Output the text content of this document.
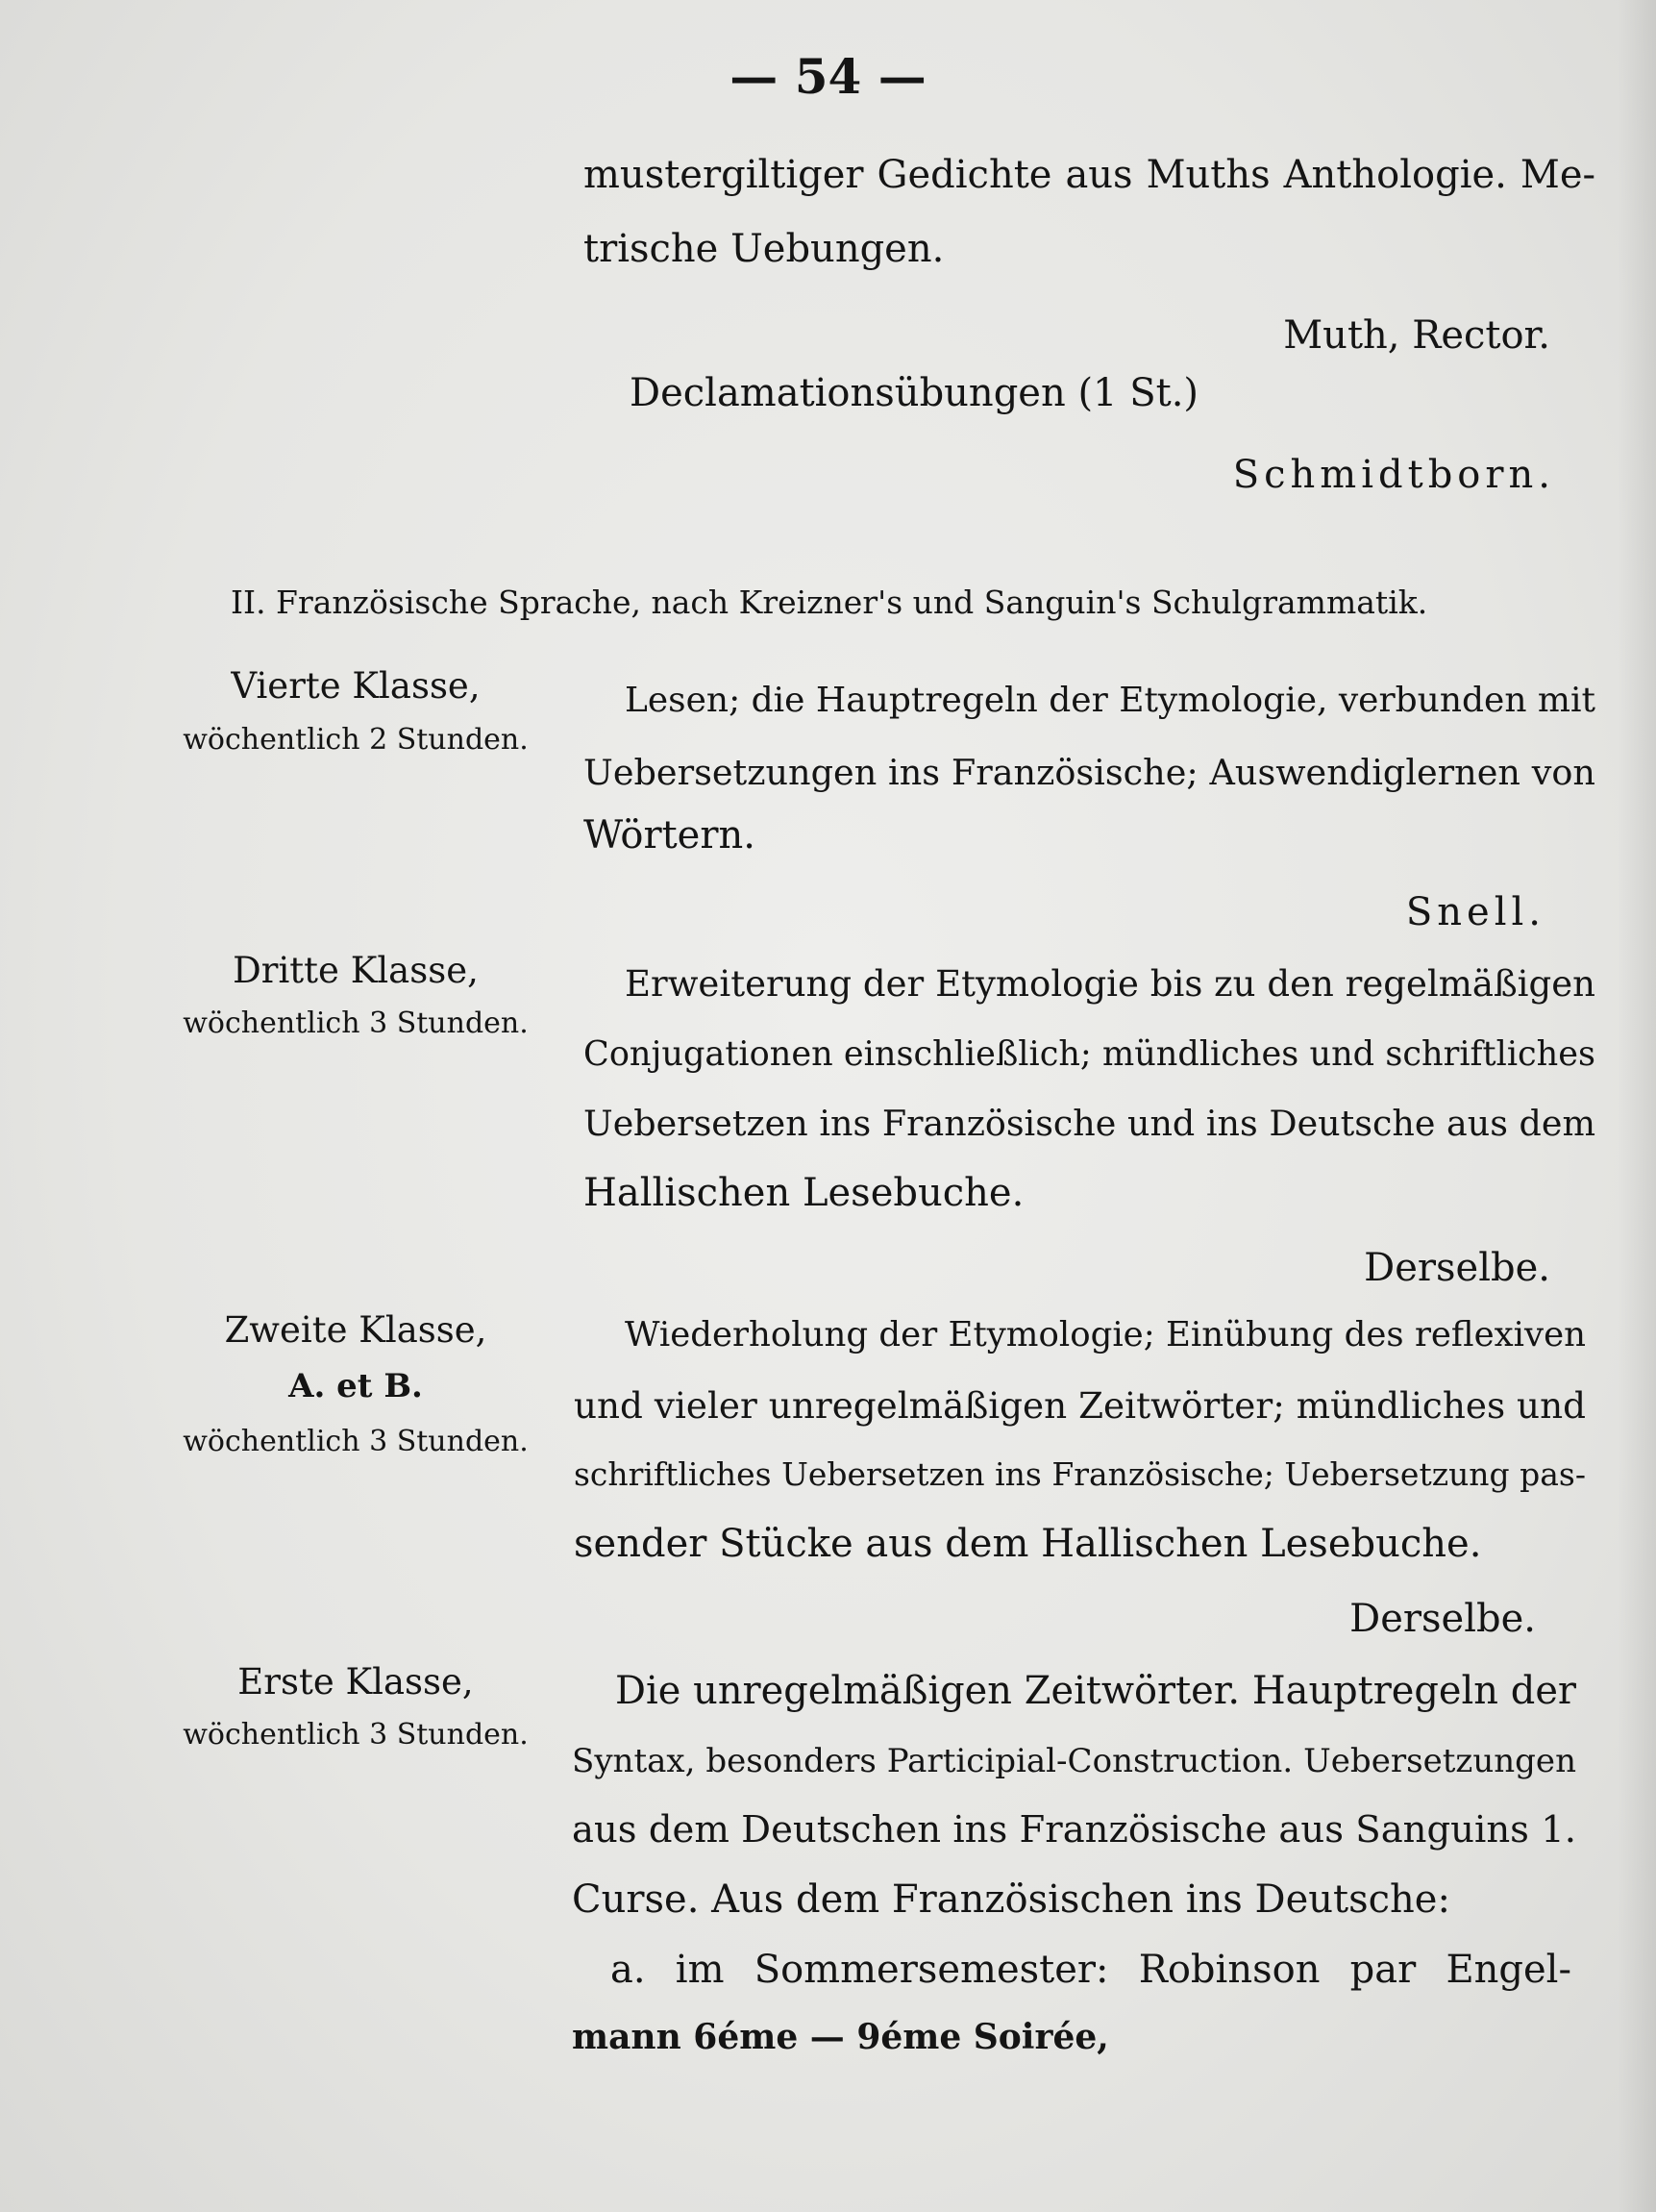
— 54 —
mustergiltiger Gedichte aus Muths Anthologie. Me-
trische Uebungen.
Muth, Rector.
Declamationsübungen (1 St.)
Schmidtborn.
II. Französische Sprache, nach Kreizner's und Sanguin's Schulgrammatik.
Vierte Klasse,
wöchentlich 2 Stunden.
Lesen; die Hauptregeln der Etymologie, verbunden mit
Uebersetzungen ins Französische; Auswendiglernen von
Wörtern.
Snell.
Dritte Klasse,
wöchentlich 3 Stunden.
Erweiterung der Etymologie bis zu den regelmäßigen
Conjugationen einschließlich; mündliches und schriftliches
Uebersetzen ins Französische und ins Deutsche aus dem
Hallischen Lesebuche.
Derselbe.
Zweite Klasse,
A. et B.
wöchentlich 3 Stunden.
Wiederholung der Etymologie; Einübung des reflexiven
und vieler unregelmäßigen Zeitwörter; mündliches und
schriftliches Uebersetzen ins Französische; Uebersetzung pas-
sender Stücke aus dem Hallischen Lesebuche.
Derselbe.
Erste Klasse,
wöchentlich 3 Stunden.
Die unregelmäßigen Zeitwörter. Hauptregeln der
Syntax, besonders Participial-Construction. Uebersetzungen
aus dem Deutschen ins Französische aus Sanguins 1.
Curse. Aus dem Französischen ins Deutsche:
a. im Sommersemester: Robinson par Engel-
mann 6éme — 9éme Soirée,
